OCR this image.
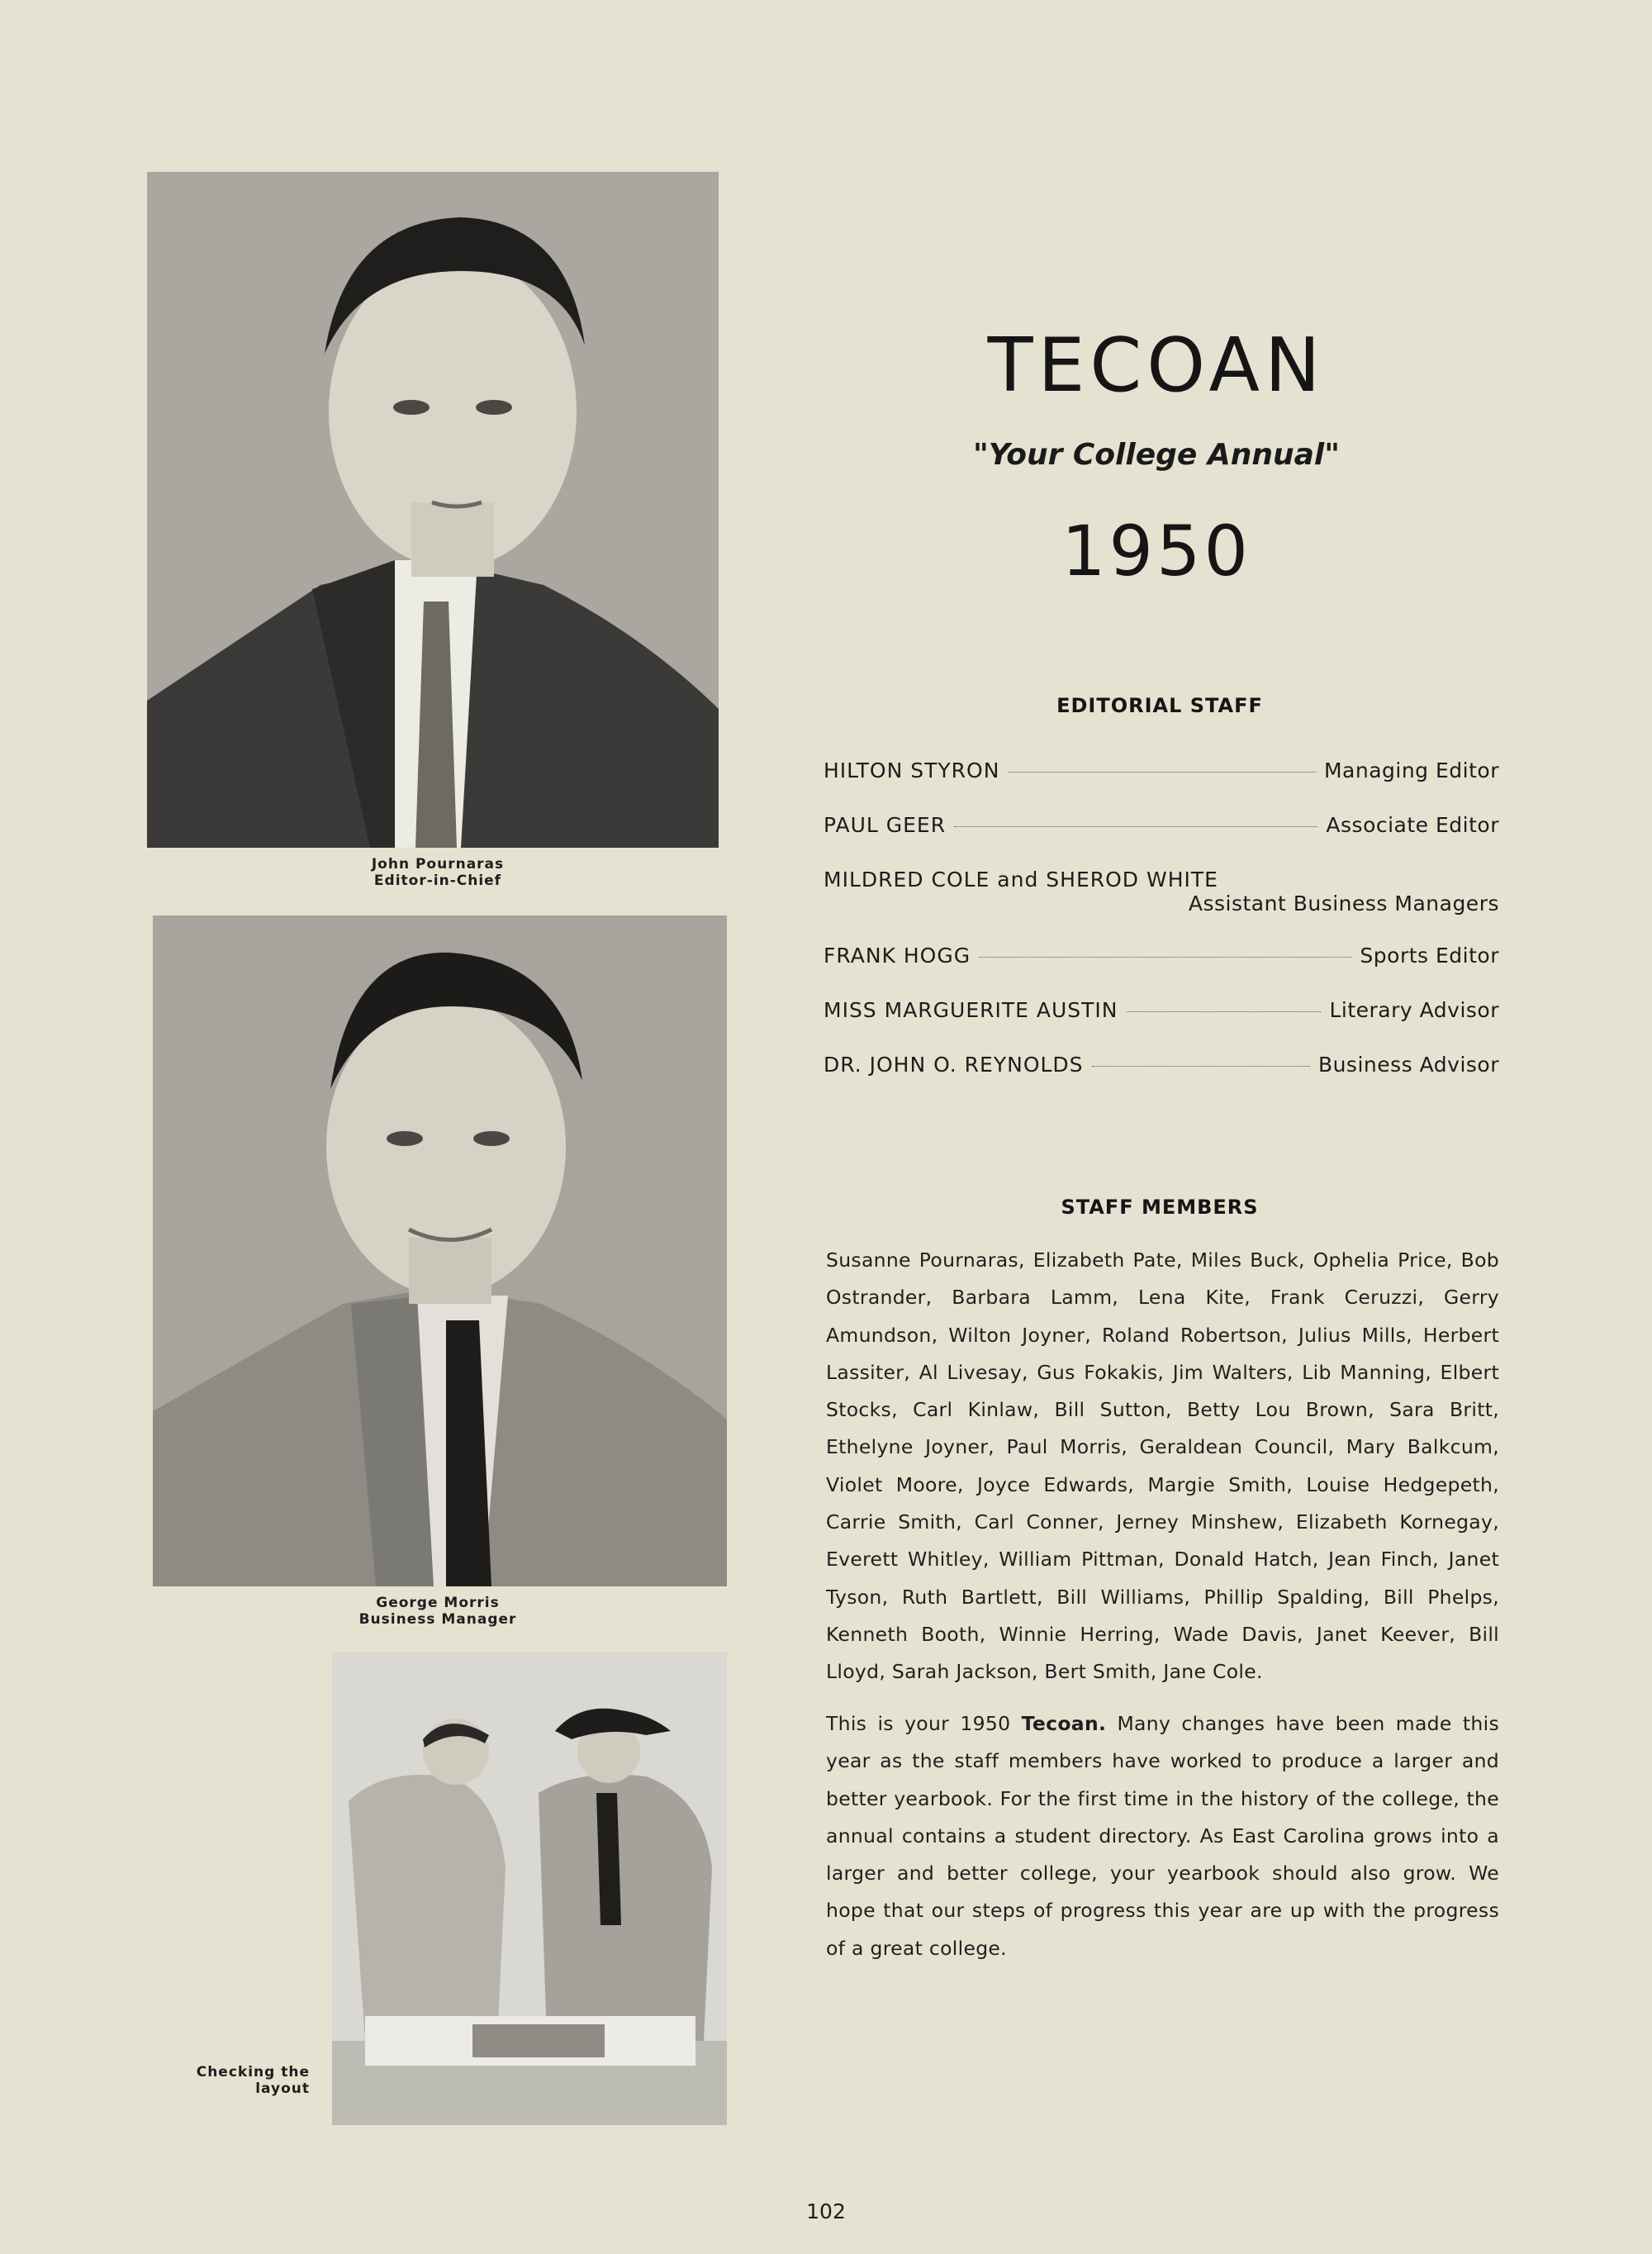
John Pournaras
Editor-in-Chief
George Morris
Business Manager
Checking the
layout
TECOAN
"Your College Annual"
1950
EDITORIAL STAFF
HILTON STYRON	Managing Editor
PAUL GEER	Associate Editor
MILDRED COLE and SHEROD WHITE
Assistant Business Managers
FRANK HOGG	Sports Editor
MISS MARGUERITE AUSTIN	Literary Advisor
DR. JOHN O. REYNOLDS	Business Advisor
STAFF MEMBERS
Susanne Pournaras, Elizabeth Pate, Miles Buck, Ophelia Price, Bob Ostrander, Barbara Lamm, Lena Kite, Frank Ceruzzi, Gerry Amundson, Wilton Joyner, Roland Robertson, Julius Mills, Herbert Lassiter, Al Livesay, Gus Fokakis, Jim Walters, Lib Manning, Elbert Stocks, Carl Kinlaw, Bill Sutton, Betty Lou Brown, Sara Britt, Ethelyne Joyner, Paul Morris, Geraldean Council, Mary Balkcum, Violet Moore, Joyce Edwards, Margie Smith, Louise Hedgepeth, Carrie Smith, Carl Conner, Jerney Minshew, Elizabeth Kornegay, Everett Whitley, William Pittman, Donald Hatch, Jean Finch, Janet Tyson, Ruth Bartlett, Bill Williams, Phillip Spalding, Bill Phelps, Kenneth Booth, Winnie Herring, Wade Davis, Janet Keever, Bill Lloyd, Sarah Jackson, Bert Smith, Jane Cole.
This is your 1950 Tecoan. Many changes have been made this year as the staff members have worked to produce a larger and better yearbook. For the first time in the history of the college, the annual contains a student directory. As East Carolina grows into a larger and better college, your yearbook should also grow. We hope that our steps of progress this year are up with the progress of a great college.
102
